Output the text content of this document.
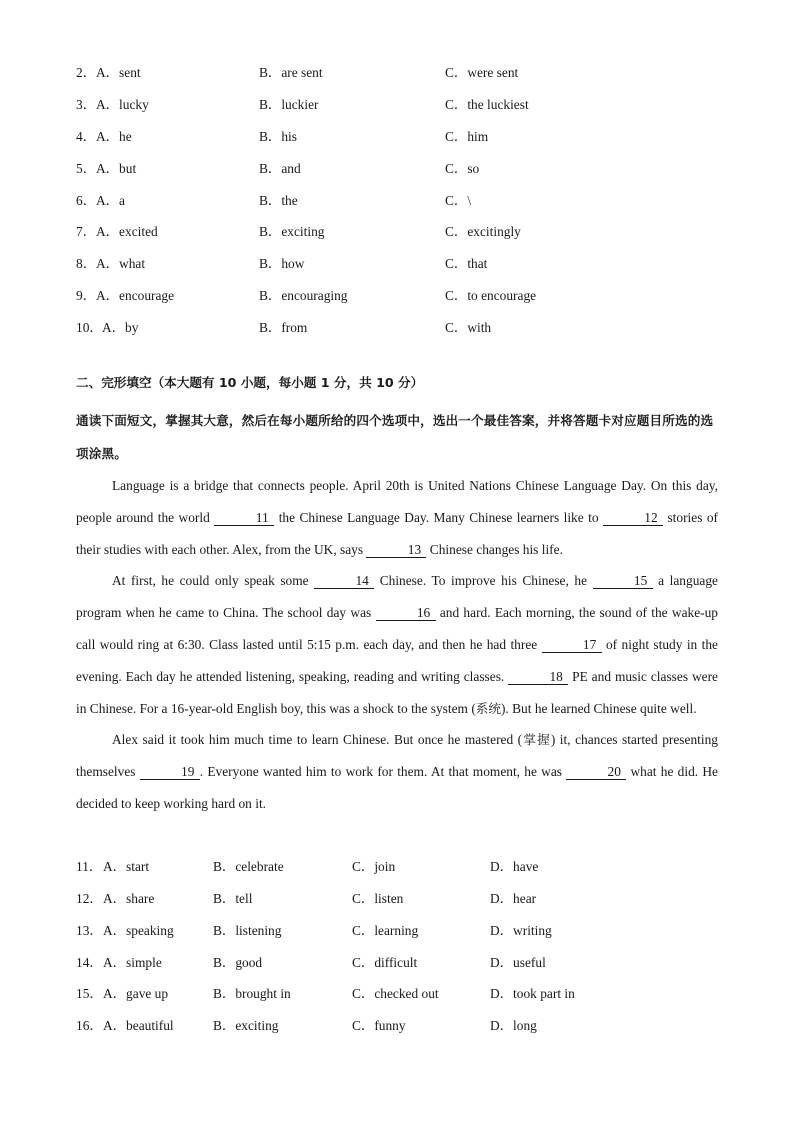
2． A．sent	B．are sent	C．were sent
3． A．lucky	B．luckier	C．the luckiest
4． A．he	B．his	C．him
5． A．but	B．and	C．so
6． A．a	B．the	C．\
7． A．excited	B．exciting	C．excitingly
8． A．what	B．how	C．that
9． A．encourage	B．encouraging	C．to encourage
10． A．by	B．from	C．with
二、完形填空（本大题有 10 小题，每小题 1 分，共 10 分）
通读下面短文，掌握其大意，然后在每小题所给的四个选项中，选出一个最佳答案，并将答题卡对应题目所选的选项涂黑。

Language is a bridge that connects people. April 20th is United Nations Chinese Language Day. On this day, people around the world	11 the Chinese Language Day. Many Chinese learners like to	12 stories of their studies with each other. Alex, from the UK, says	13 Chinese changes his life.

At first, he could only speak some	14 Chinese. To improve his Chinese, he	15 a language program when he came to China. The school day was	16 and hard. Each morning, the sound of the wake-up call would ring at 6:30. Class lasted until 5:15 p.m. each day, and then he had three	17 of night study in the evening. Each day he attended listening, speaking, reading and writing classes.	18 PE and music classes were in Chinese. For a 16-year-old English boy, this was a shock to the system (系统). But he learned Chinese quite well.

Alex said it took him much time to learn Chinese. But once he mastered (掌握) it, chances started presenting themselves	19 . Everyone wanted him to work for them. At that moment, he was	20 what he did. He decided to keep working hard on it.

11． A．start	B．celebrate	C．join	D．have
12． A．share	B．tell	C．listen	D．hear
13． A．speaking	B．listening	C．learning	D．writing
14． A．simple	B．good	C．difficult	D．useful
15． A．gave up	B．brought in	C．checked out	D．took part in
16． A．beautiful	B．exciting	C．funny	D．long
